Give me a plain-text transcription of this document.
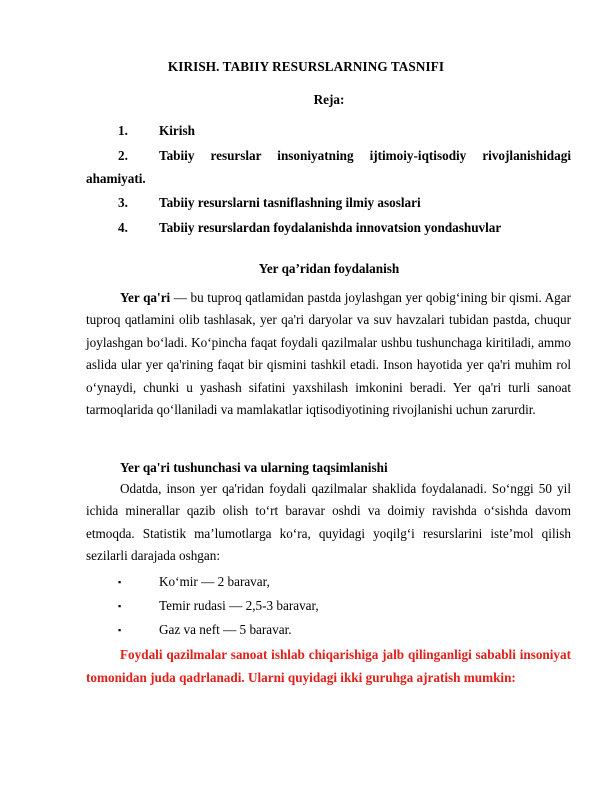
KIRISH. TABIIY RESURSLARNING TASNIFI
Reja:
1. Kirish
2. Tabiiy resurslar insoniyatning ijtimoiy-iqtisodiy rivojlanishidagi
ahamiyati.
3. Tabiiy resurslarni tasniflashning ilmiy asoslari
4. Tabiiy resurslardan foydalanishda innovatsion yondashuvlar
Yer qa’ridan foydalanish

Yer qa'ri — bu tuproq qatlamidan pastda joylashgan yer qobig‘ining bir qismi. Agar tuproq qatlamini olib tashlasak, yer qa'ri daryolar va suv havzalari tubidan pastda, chuqur joylashgan bo‘ladi. Ko‘pincha faqat foydali qazilmalar ushbu tushunchaga kiritiladi, ammo aslida ular yer qa'rining faqat bir qismini tashkil etadi. Inson hayotida yer qa'ri muhim rol o‘ynaydi, chunki u yashash sifatini yaxshilash imkonini beradi. Yer qa'ri turli sanoat tarmoqlarida qo‘llaniladi va mamlakatlar iqtisodiyotining rivojlanishi uchun zarurdir.

Yer qa'ri tushunchasi va ularning taqsimlanishi

Odatda, inson yer qa'ridan foydali qazilmalar shaklida foydalanadi. So‘nggi 50 yil ichida minerallar qazib olish to‘rt baravar oshdi va doimiy ravishda o‘sishda davom etmoqda. Statistik ma’lumotlarga ko‘ra, quyidagi yoqilg‘i resurslarini iste’mol qilish sezilarli darajada oshgan:

▪	Ko‘mir — 2 baravar,
▪	Temir rudasi — 2,5-3 baravar,
▪	Gaz va neft — 5 baravar.

Foydali qazilmalar sanoat ishlab chiqarishiga jalb qilinganligi sababli insoniyat tomonidan juda qadrlanadi. Ularni quyidagi ikki guruhga ajratish mumkin:
